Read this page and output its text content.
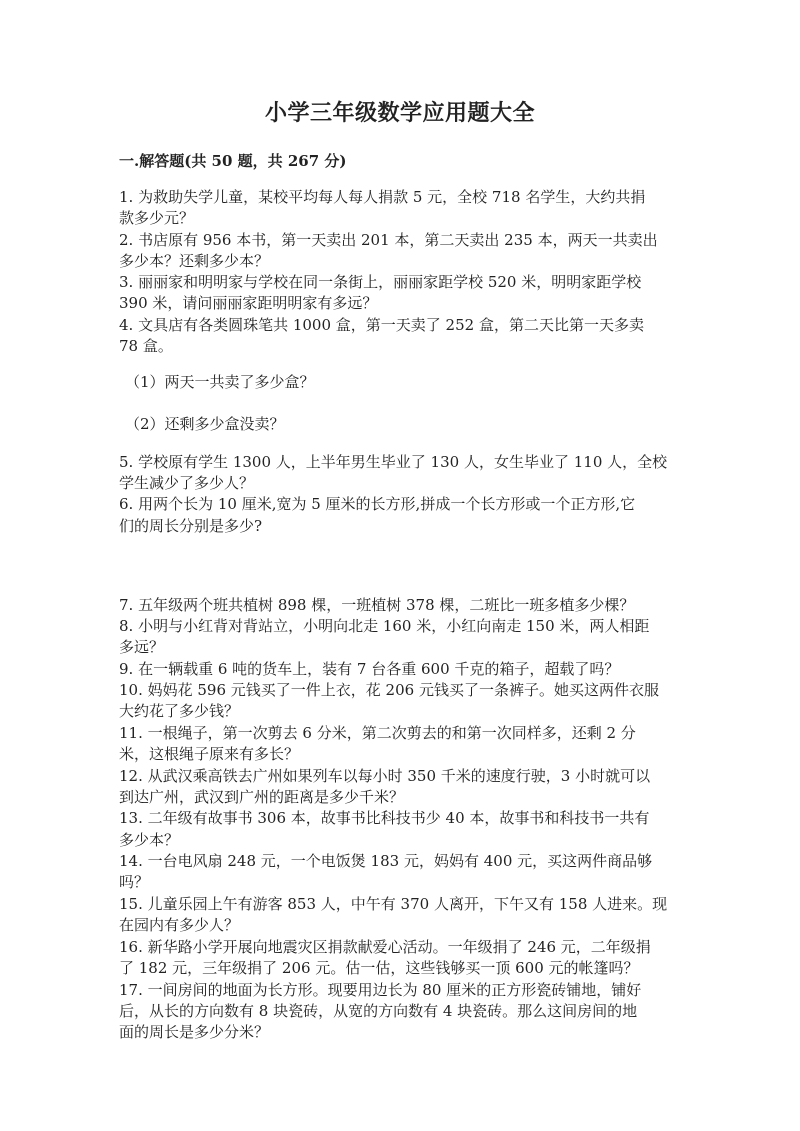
小学三年级数学应用题大全
一.解答题(共 50 题，共 267 分)
1. 为救助失学儿童，某校平均每人每人捐款 5 元，全校 718 名学生，大约共捐
款多少元？
2. 书店原有 956 本书，第一天卖出 201 本，第二天卖出 235 本，两天一共卖出
多少本？还剩多少本？
3. 丽丽家和明明家与学校在同一条街上，丽丽家距学校 520 米，明明家距学校
390 米，请问丽丽家距明明家有多远？
4. 文具店有各类圆珠笔共 1000 盒，第一天卖了 252 盒，第二天比第一天多卖
78 盒。
（1）两天一共卖了多少盒？
（2）还剩多少盒没卖？
5. 学校原有学生 1300 人，上半年男生毕业了 130 人，女生毕业了 110 人，全校
学生减少了多少人？
6. 用两个长为 10 厘米,宽为 5 厘米的长方形,拼成一个长方形或一个正方形,它
们的周长分别是多少?
7. 五年级两个班共植树 898 棵，一班植树 378 棵，二班比一班多植多少棵？
8. 小明与小红背对背站立，小明向北走 160 米，小红向南走 150 米，两人相距
多远？
9. 在一辆载重 6 吨的货车上，装有 7 台各重 600 千克的箱子，超载了吗？
10. 妈妈花 596 元钱买了一件上衣，花 206 元钱买了一条裤子。她买这两件衣服
大约花了多少钱？
11. 一根绳子，第一次剪去 6 分米，第二次剪去的和第一次同样多，还剩 2 分
米，这根绳子原来有多长？
12. 从武汉乘高铁去广州如果列车以每小时 350 千米的速度行驶，3 小时就可以
到达广州，武汉到广州的距离是多少千米？
13. 二年级有故事书 306 本，故事书比科技书少 40 本，故事书和科技书一共有
多少本？
14. 一台电风扇 248 元，一个电饭煲 183 元，妈妈有 400 元，买这两件商品够
吗？
15. 儿童乐园上午有游客 853 人，中午有 370 人离开，下午又有 158 人进来。现
在园内有多少人？
16. 新华路小学开展向地震灾区捐款献爱心活动。一年级捐了 246 元，二年级捐
了 182 元，三年级捐了 206 元。估一估，这些钱够买一顶 600 元的帐篷吗？
17. 一间房间的地面为长方形。现要用边长为 80 厘米的正方形瓷砖铺地，铺好
后，从长的方向数有 8 块瓷砖，从宽的方向数有 4 块瓷砖。那么这间房间的地
面的周长是多少分米？
